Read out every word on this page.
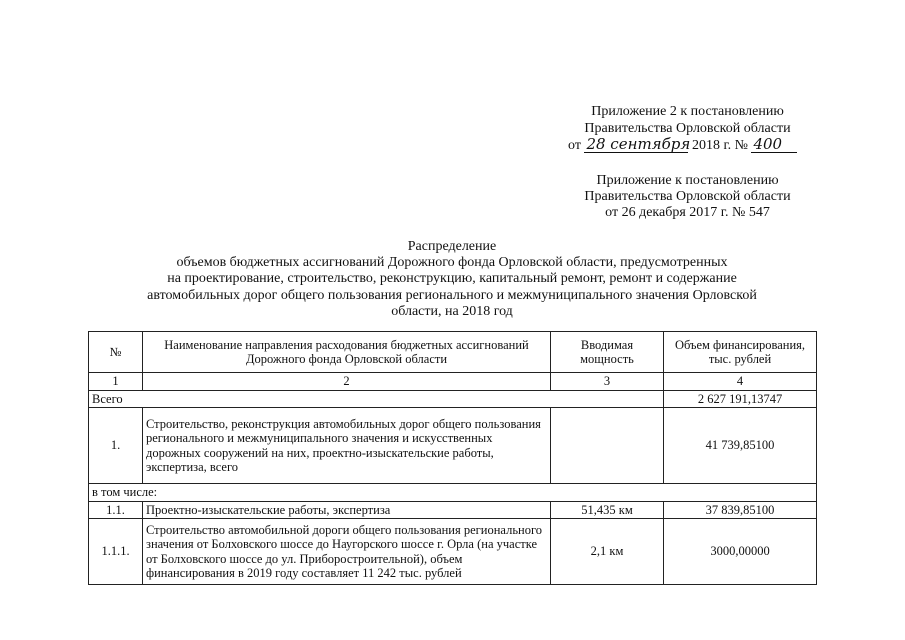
Приложение 2 к постановлению
Правительства Орловской области
от 28 сентября 2018 г. № 400
Приложение к постановлению
Правительства Орловской области
от 26 декабря 2017 г. № 547
Распределение
объемов бюджетных ассигнований Дорожного фонда Орловской области, предусмотренных
на проектирование, строительство, реконструкцию, капитальный ремонт, ремонт и содержание
автомобильных дорог общего пользования регионального и межмуниципального значения Орловской
области, на 2018 год
№	Наименование направления расходования бюджетных ассигнований Дорожного фонда Орловской области	Вводимая мощность	Объем финансирования, тыс. рублей
1	2	3	4
Всего			2 627 191,13747
1.	Строительство, реконструкция автомобильных дорог общего пользования регионального и межмуниципального значения и искусственных дорожных сооружений на них, проектно-изыскательские работы, экспертиза, всего		41 739,85100
в том числе:			
1.1.	Проектно-изыскательские работы, экспертиза	51,435 км	37 839,85100
1.1.1.	Строительство автомобильной дороги общего пользования регионального значения от Болховского шоссе до Наугорского шоссе г. Орла (на участке от Болховского шоссе до ул. Приборостроительной), объем финансирования в 2019 году составляет 11 242 тыс. рублей	2,1 км	3000,00000
